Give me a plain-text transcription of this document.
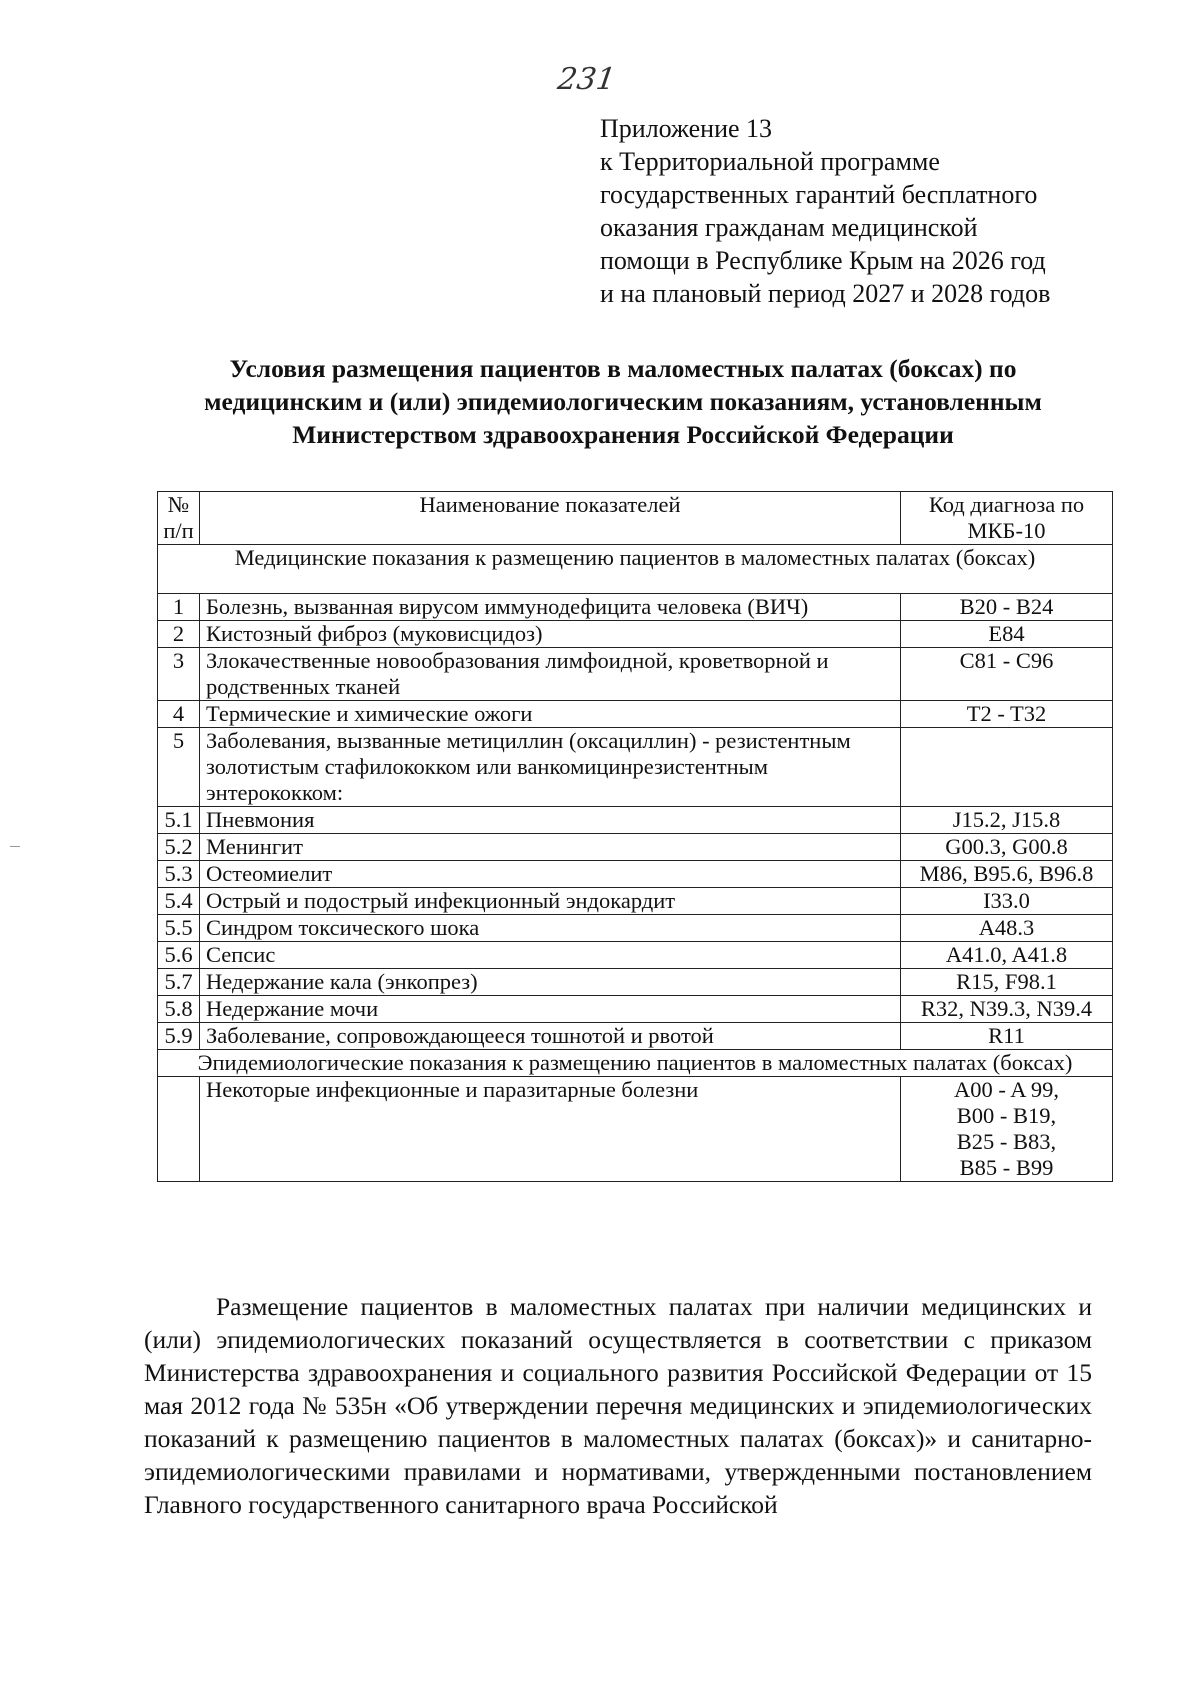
231
Приложение 13
к Территориальной программе
государственных гарантий бесплатного
оказания гражданам медицинской
помощи в Республике Крым на 2026 год
и на плановый период 2027 и 2028 годов
Условия размещения пациентов в маломестных палатах (боксах) по
медицинским и (или) эпидемиологическим показаниям, установленным
Министерством здравоохранения Российской Федерации
№ п/п	Наименование показателей	Код диагноза по МКБ-10
Медицинские показания к размещению пациентов в маломестных палатах (боксах)		
1	Болезнь, вызванная вирусом иммунодефицита человека (ВИЧ)	B20 - B24
2	Кистозный фиброз (муковисцидоз)	E84
3	Злокачественные новообразования лимфоидной, кроветворной и родственных тканей	C81 - C96
4	Термические и химические ожоги	T2 - T32
5	Заболевания, вызванные метициллин (оксациллин) - резистентным золотистым стафилококком или ванкомицинрезистентным энтерококком:	
5.1	Пневмония	J15.2, J15.8
5.2	Менингит	G00.3, G00.8
5.3	Остеомиелит	M86, B95.6, B96.8
5.4	Острый и подострый инфекционный эндокардит	I33.0
5.5	Синдром токсического шока	A48.3
5.6	Сепсис	A41.0, A41.8
5.7	Недержание кала (энкопрез)	R15, F98.1
5.8	Недержание мочи	R32, N39.3, N39.4
5.9	Заболевание, сопровождающееся тошнотой и рвотой	R11
Эпидемиологические показания к размещению пациентов в маломестных палатах (боксах)		
	Некоторые инфекционные и паразитарные болезни	A00 - A 99,
B00 - B19,
B25 - B83,
B85 - B99
Размещение пациентов в маломестных палатах при наличии медицинских и (или) эпидемиологических показаний осуществляется в соответствии с приказом Министерства здравоохранения и социального развития Российской Федерации от 15 мая 2012 года № 535н «Об утверждении перечня медицинских и эпидемиологических показаний к размещению пациентов в маломестных палатах (боксах)» и санитарно-эпидемиологическими правилами и нормативами, утвержденными постановлением Главного государственного санитарного врача Российской
